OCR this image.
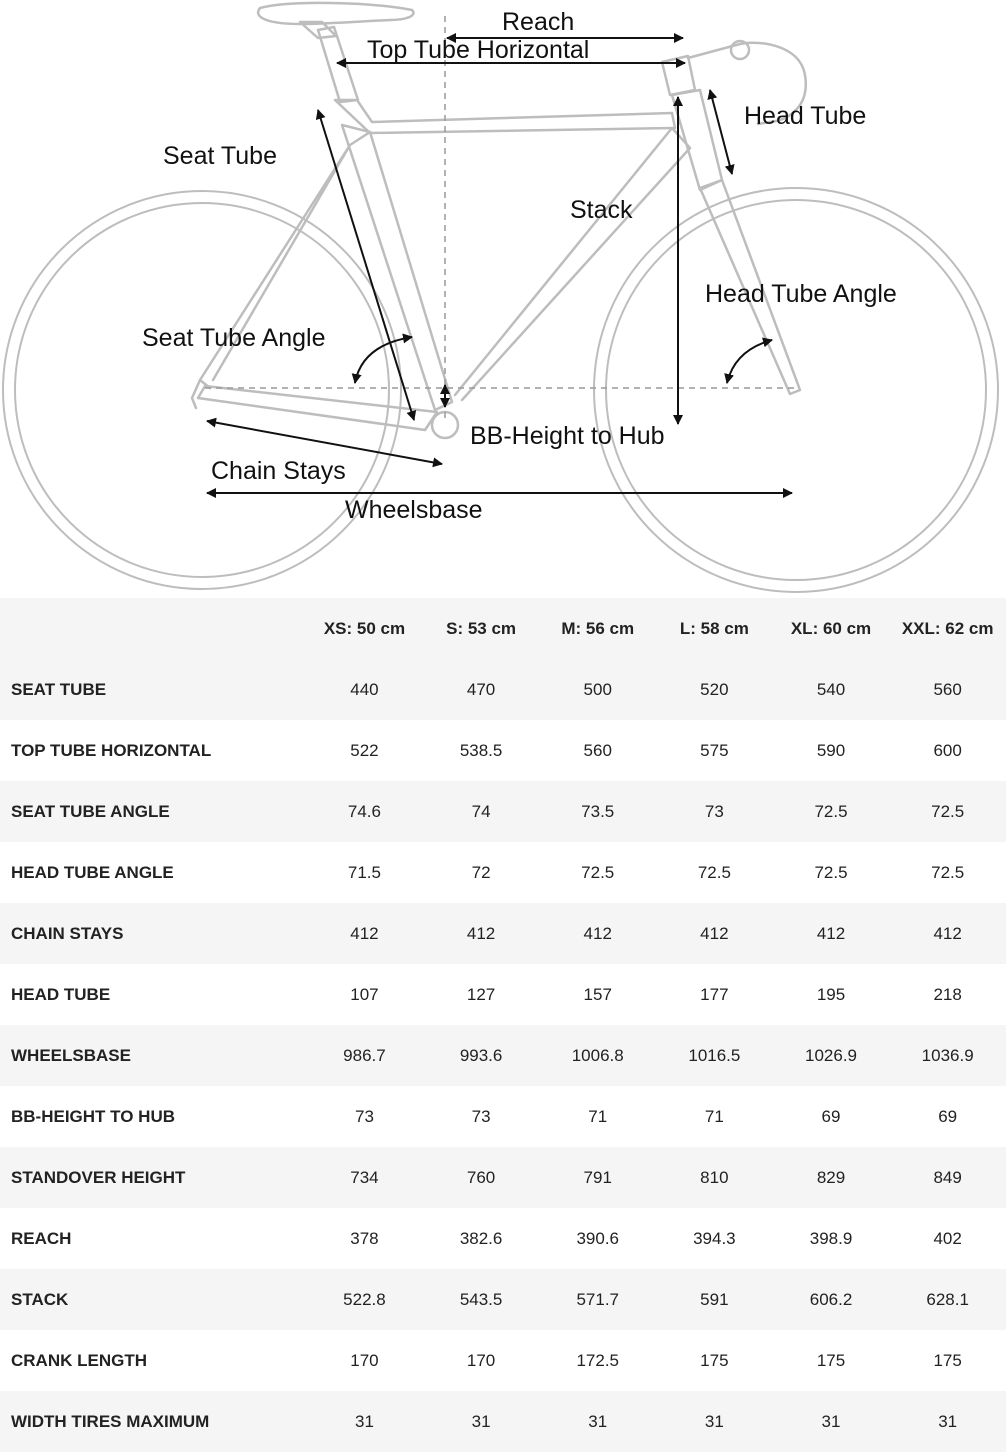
Reach
Top Tube Horizontal
Head Tube
Seat Tube
Stack
Head Tube Angle
Seat Tube Angle
BB-Height to Hub
Chain Stays
Wheelsbase
	XS: 50 cm	S: 53 cm	M: 56 cm	L: 58 cm	XL: 60 cm	XXL: 62 cm
SEAT TUBE	440	470	500	520	540	560
TOP TUBE HORIZONTAL	522	538.5	560	575	590	600
SEAT TUBE ANGLE	74.6	74	73.5	73	72.5	72.5
HEAD TUBE ANGLE	71.5	72	72.5	72.5	72.5	72.5
CHAIN STAYS	412	412	412	412	412	412
HEAD TUBE	107	127	157	177	195	218
WHEELSBASE	986.7	993.6	1006.8	1016.5	1026.9	1036.9
BB-HEIGHT TO HUB	73	73	71	71	69	69
STANDOVER HEIGHT	734	760	791	810	829	849
REACH	378	382.6	390.6	394.3	398.9	402
STACK	522.8	543.5	571.7	591	606.2	628.1
CRANK LENGTH	170	170	172.5	175	175	175
WIDTH TIRES MAXIMUM	31	31	31	31	31	31
